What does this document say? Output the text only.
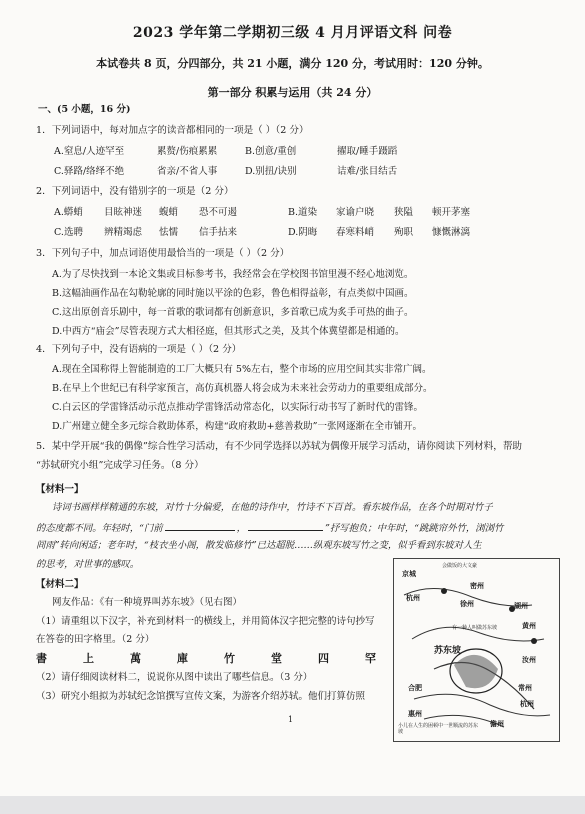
2023 学年第二学期初三级 4 月月评语文科 问卷
本试卷共 8 页，分四部分，共 21 小题，满分 120 分，考试用时：120 分钟。
第一部分 积累与运用（共 24 分）
一、(5 小题，16 分)
1．下列词语中，每对加点字的读音都相同的一项是（ ）（2 分）
A.窒息/人迹罕至	累赘/伤痕累累	B.创意/重创	擢取/睡手蹑蹈
C.驿路/络绎不绝	省亲/不省人事	D.别扭/诀别	诘难/张目结舌
2．下列词语中，没有错别字的一项是（2 分）
A.蟒蛸 目眩神迷 蝮蛸 恐不可遏	B.道染 家谕户晓 狭隘 顿开茅塞
C.选聘 辨精竭虑 怯懦 信手拈来	D.阴晦 春寒料峭 殉职 慷慨淋漓
3．下列句子中，加点词语使用最恰当的一项是（ ）（2 分）
A.为了尽快找到一本论文集或目标参考书，我经常会在学校图书馆里漫不经心地浏览。
B.这幅油画作品在勾勒轮廓的同时施以平涂的色彩，鲁色相得益彰，有点类似中国画。
C.这出原创音乐剧中，每一首歌的歌词都有创新意识，多首歌已成为炙手可热的曲子。
D.中西方“庙会”尽管表现方式大相径庭，但其形式之美，及其个体冀望都是相通的。
4．下列句子中，没有语病的一项是（ ）（2 分）
A.现在全国称得上智能制造的工厂大概只有 5%左右，整个市场的应用空间其实非常广阔。
B.在早上个世纪已有科学家预言，高仿真机器人将会成为未来社会劳动力的重要组成部分。
C.白云区的学雷锋活动示范点推动学雷锋活动常态化，以实际行动书写了新时代的雷锋。
D.广州建立健全多元综合救助体系，构建“政府救助+慈善救助”一张网逐渐在全市铺开。
5．某中学开展“我的偶像”综合性学习活动，有不少同学选择以苏轼为偶像开展学习活动，请你阅读下列材料，帮助
“苏轼研究小组”完成学习任务。（8 分）
【材料一】
诗词书画样样精通的东坡，对竹十分偏爱，在他的诗作中，竹诗不下百首。看东坡作品，在各个时期对竹子
的态度都不同。年轻时，“门前	，	”抒写抱负；中年时，“跳跳帘外竹，浏浏竹
间雨”转向闲适；老年时，“枝衣坐小阁，散发临修竹”已达超脱……纵观东坡写竹之变，似乎看到东坡对人生
的思考，对世事的感叹。
【材料二】
网友作品：《有一种境界叫苏东坡》（见右图）
（1）请重组以下汉字，补充到材料一的横线上，并用简体汉字把完整的诗句抄写
在答卷的田字格里。（2 分）
書	上	萬	庫	竹	堂	四	罕
（2）请仔细阅读材料二，说说你从图中读出了哪些信息。（3 分）
（3）研究小组拟为苏轼纪念馆撰写宣传文案，为游客介绍苏轼。他们打算仿照
1
京城
会做饭的大文豪
密州
杭州
徐州	湖州
黄州
有一种人叫做苏东坡
苏东坡
汝州
合肥	常州
杭州
惠州
儋州
小儿在人生的困顿中一世顺流的苏东坡
